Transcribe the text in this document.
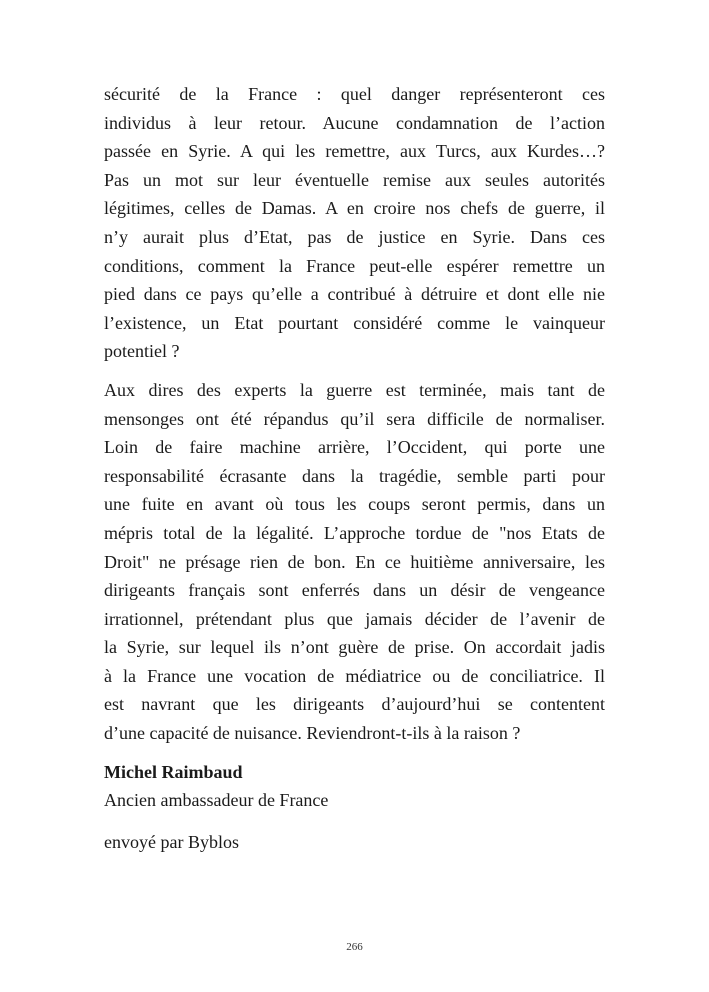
sécurité de la France : quel danger représenteront ces
individus à leur retour. Aucune condamnation de l’action
passée en Syrie. A qui les remettre, aux Turcs, aux Kurdes…?
Pas un mot sur leur éventuelle remise aux seules autorités
légitimes, celles de Damas. A en croire nos chefs de guerre, il
n’y aurait plus d’Etat, pas de justice en Syrie. Dans ces
conditions, comment la France peut-elle espérer remettre un
pied dans ce pays qu’elle a contribué à détruire et dont elle nie
l’existence, un Etat pourtant considéré comme le vainqueur
potentiel ?
Aux dires des experts la guerre est terminée, mais tant de
mensonges ont été répandus qu’il sera difficile de normaliser.
Loin de faire machine arrière, l’Occident, qui porte une
responsabilité écrasante dans la tragédie, semble parti pour
une fuite en avant où tous les coups seront permis, dans un
mépris total de la légalité. L’approche tordue de "nos Etats de
Droit" ne présage rien de bon. En ce huitième anniversaire, les
dirigeants français sont enferrés dans un désir de vengeance
irrationnel, prétendant plus que jamais décider de l’avenir de
la Syrie, sur lequel ils n’ont guère de prise. On accordait jadis
à la France une vocation de médiatrice ou de conciliatrice. Il
est navrant que les dirigeants d’aujourd’hui se contentent
d’une capacité de nuisance. Reviendront-t-ils à la raison ?
Michel Raimbaud
Ancien ambassadeur de France
envoyé par Byblos
266
